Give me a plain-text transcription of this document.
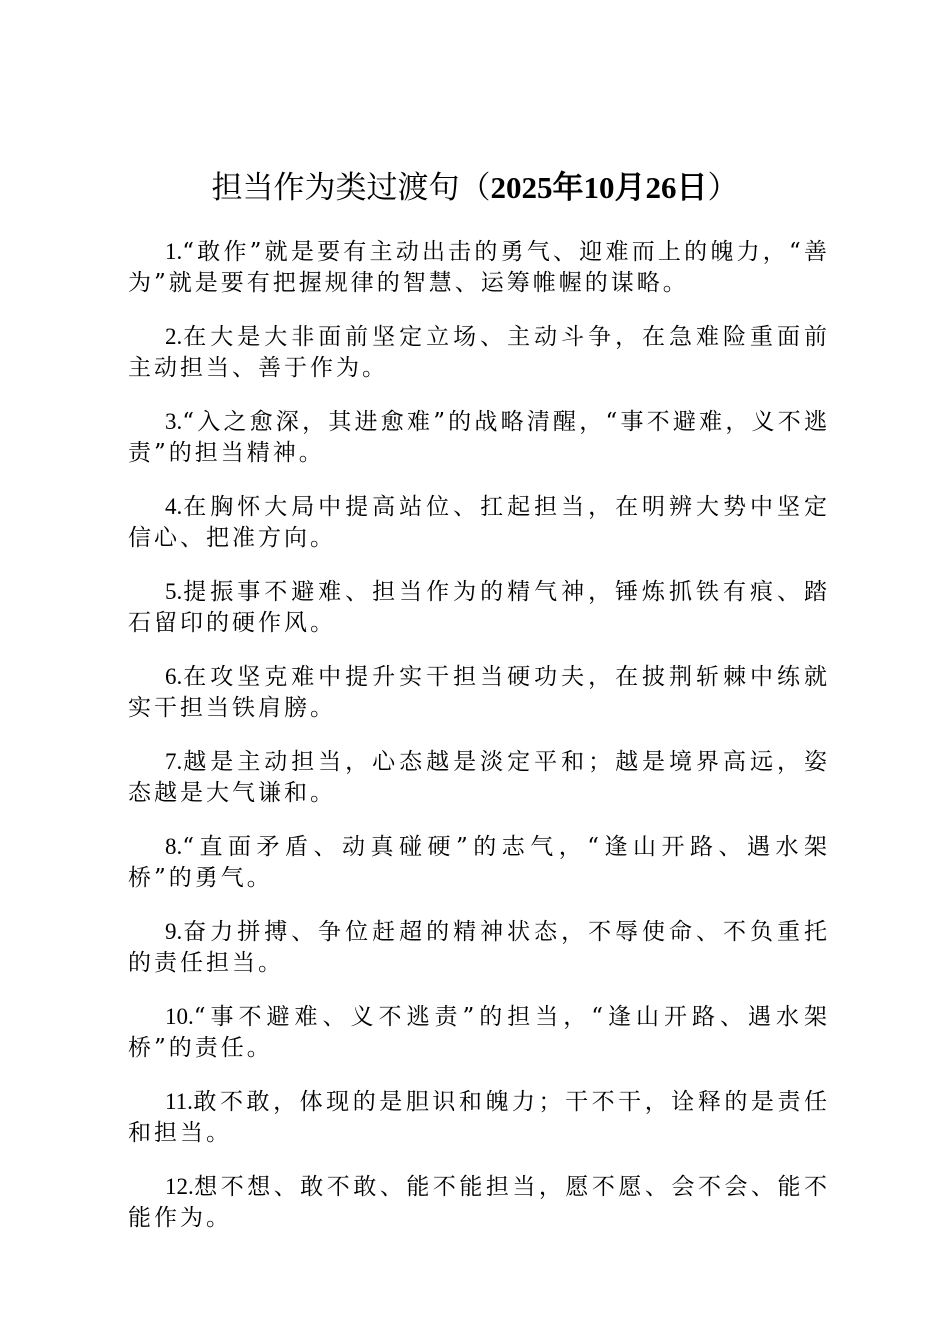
担当作为类过渡句（2025年10月26日）

1.“敢作”就是要有主动出击的勇气、迎难而上的魄力，“善为”就是要有把握规律的智慧、运筹帷幄的谋略。

2.在大是大非面前坚定立场、主动斗争，在急难险重面前主动担当、善于作为。

3.“入之愈深，其进愈难”的战略清醒，“事不避难，义不逃责”的担当精神。

4.在胸怀大局中提高站位、扛起担当，在明辨大势中坚定信心、把准方向。

5.提振事不避难、担当作为的精气神，锤炼抓铁有痕、踏石留印的硬作风。

6.在攻坚克难中提升实干担当硬功夫，在披荆斩棘中练就实干担当铁肩膀。

7.越是主动担当，心态越是淡定平和；越是境界高远，姿态越是大气谦和。

8.“直面矛盾、动真碰硬”的志气，“逢山开路、遇水架桥”的勇气。

9.奋力拼搏、争位赶超的精神状态，不辱使命、不负重托的责任担当。

10.“事不避难、义不逃责”的担当，“逢山开路、遇水架桥”的责任。

11.敢不敢，体现的是胆识和魄力；干不干，诠释的是责任和担当。

12.想不想、敢不敢、能不能担当，愿不愿、会不会、能不能作为。
